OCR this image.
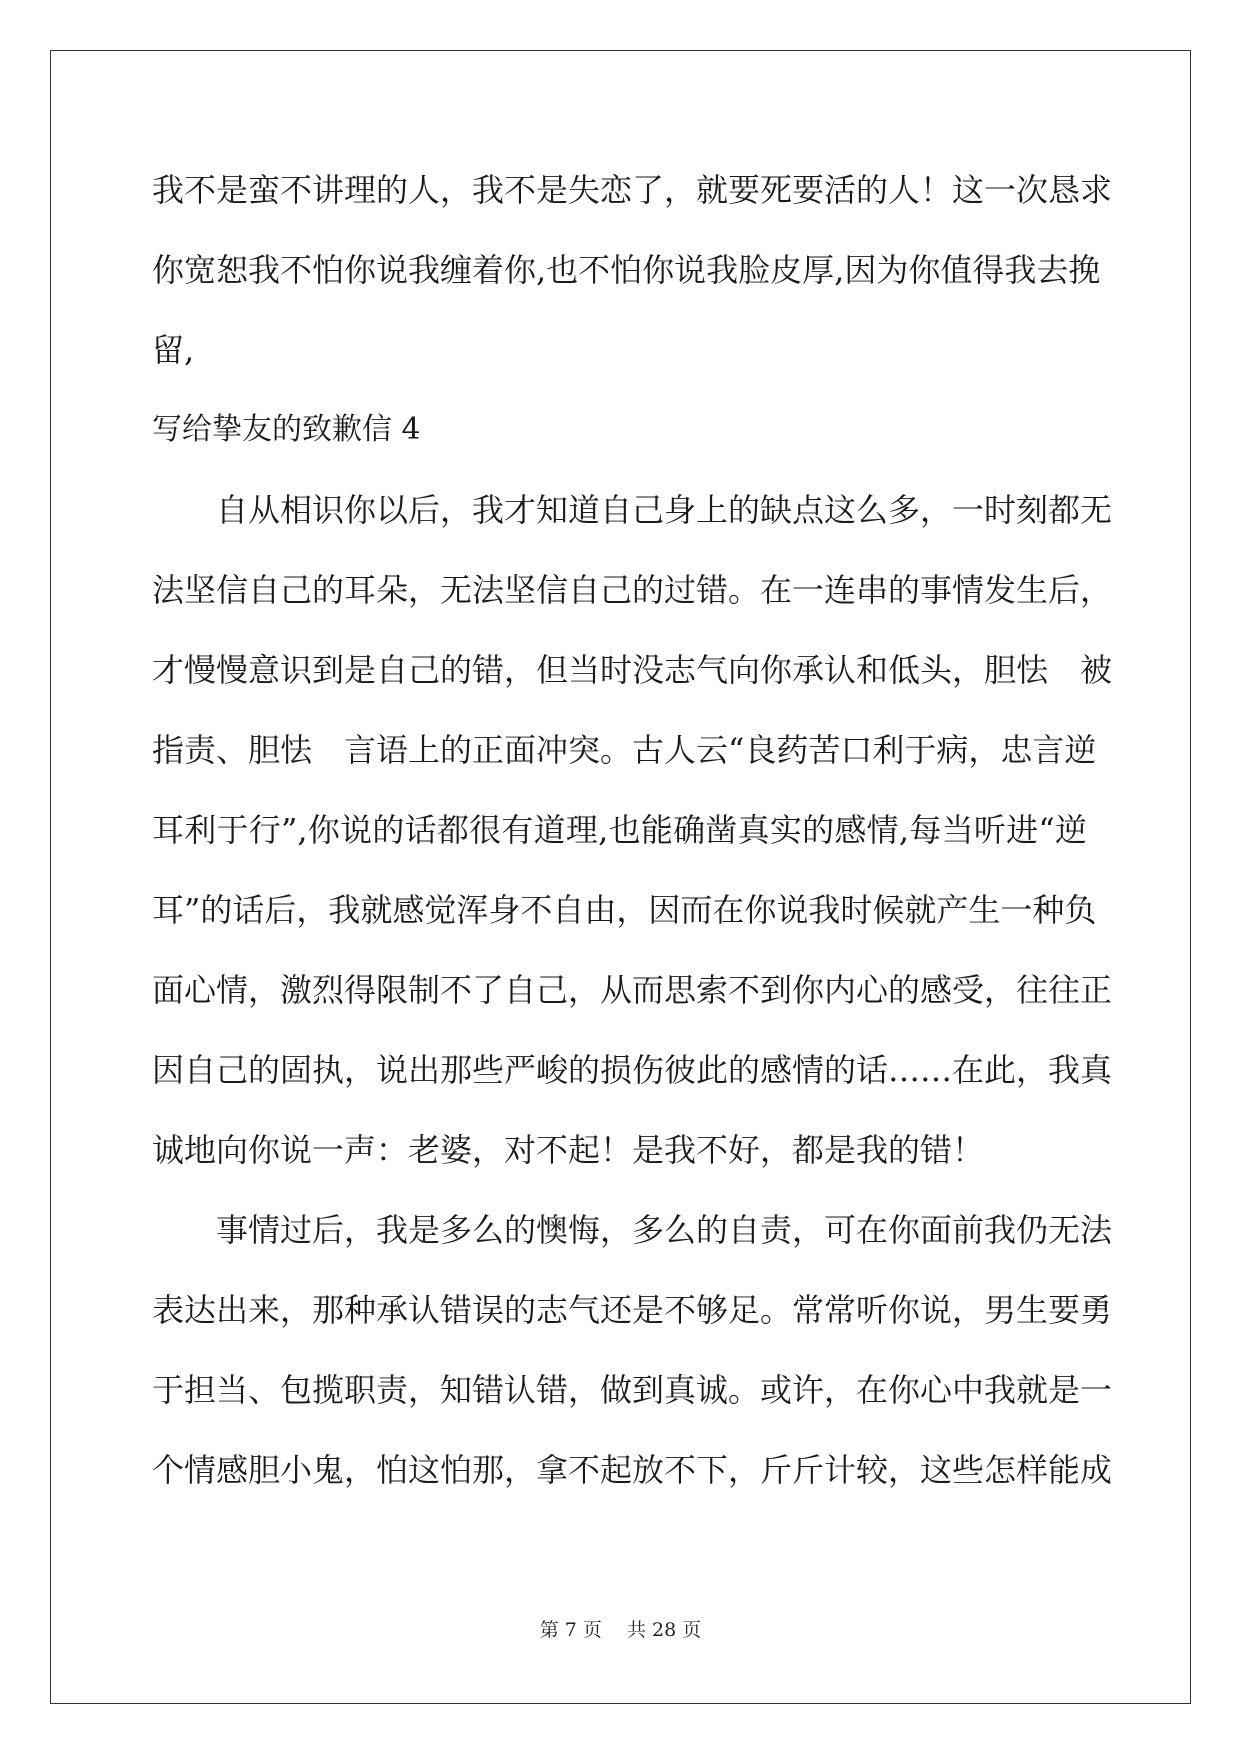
我不是蛮不讲理的人，我不是失恋了，就要死要活的人！这一次恳求
你宽恕我不怕你说我缠着你,也不怕你说我脸皮厚,因为你值得我去挽
留,
写给挚友的致歉信 4
自从相识你以后，我才知道自己身上的缺点这么多，一时刻都无
法坚信自己的耳朵，无法坚信自己的过错。在一连串的事情发生后，
才慢慢意识到是自己的错，但当时没志气向你承认和低头，胆怯　被
指责、胆怯　言语上的正面冲突。古人云“良药苦口利于病，忠言逆
耳利于行”,你说的话都很有道理,也能确凿真实的感情,每当听进“逆
耳”的话后，我就感觉浑身不自由，因而在你说我时候就产生一种负
面心情，激烈得限制不了自己，从而思索不到你内心的感受，往往正
因自己的固执，说出那些严峻的损伤彼此的感情的话……在此，我真
诚地向你说一声：老婆，对不起！是我不好，都是我的错！
事情过后，我是多么的懊悔，多么的自责，可在你面前我仍无法
表达出来，那种承认错误的志气还是不够足。常常听你说，男生要勇
于担当、包揽职责，知错认错，做到真诚。或许，在你心中我就是一
个情感胆小鬼，怕这怕那，拿不起放不下，斤斤计较，这些怎样能成
第 7 页　 共 28 页
